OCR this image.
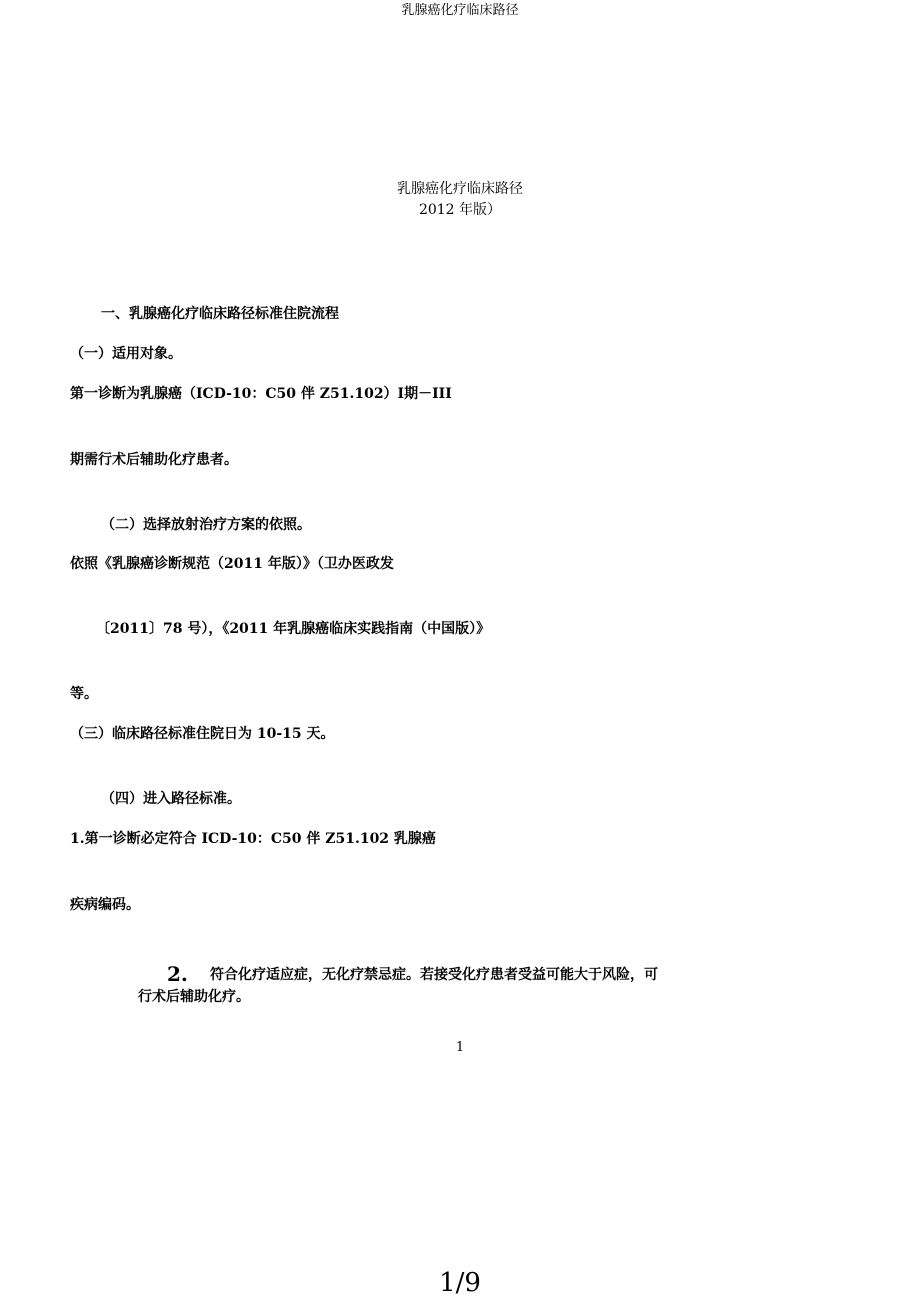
乳腺癌化疗临床路径
乳腺癌化疗临床路径
2012 年版）
一、乳腺癌化疗临床路径标准住院流程
（一）适用对象。
第一诊断为乳腺癌（ICD-10：C50 伴 Z51.102）Ⅰ期－III
期需行术后辅助化疗患者。
（二）选择放射治疗方案的依照。
依照《乳腺癌诊断规范（2011 年版）》（卫办医政发
〔2011〕78 号），《2011 年乳腺癌临床实践指南（中国版）》
等。
（三）临床路径标准住院日为 10-15 天。
（四）进入路径标准。
1.第一诊断必定符合 ICD-10：C50 伴 Z51.102 乳腺癌
疾病编码。
2. 符合化疗适应症，无化疗禁忌症。若接受化疗患者受益可能大于风险，可
行术后辅助化疗。
1
1/9
